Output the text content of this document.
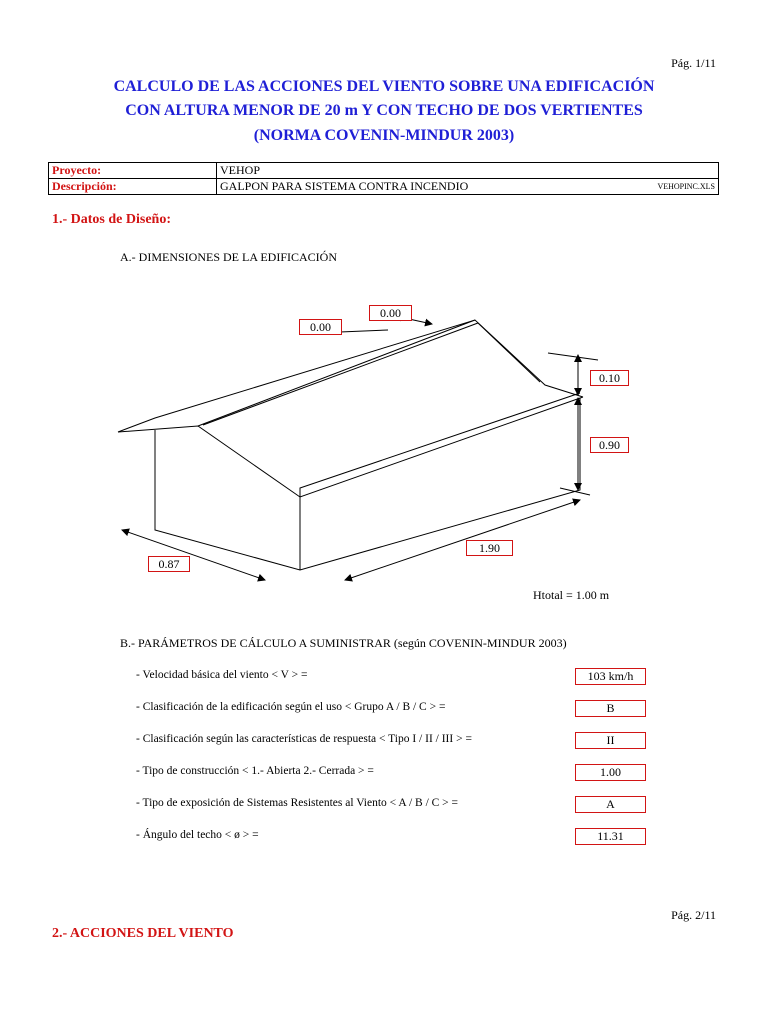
Pág. 1/11
CALCULO DE LAS ACCIONES DEL VIENTO SOBRE UNA EDIFICACIÓN
CON ALTURA MENOR DE 20 m Y CON TECHO DE DOS VERTIENTES
(NORMA COVENIN-MINDUR 2003)
Proyecto:	VEHOP
Descripción:	GALPON PARA SISTEMA CONTRA INCENDIO	VEHOPINC.XLS
1.- Datos de Diseño:
A.- DIMENSIONES DE LA EDIFICACIÓN
0.00
0.00
0.10
0.90
0.87
1.90
Htotal = 1.00 m
B.- PARÁMETROS DE CÁLCULO A SUMINISTRAR (según COVENIN-MINDUR 2003)
- Velocidad básica del viento < V > =	103 km/h
- Clasificación de la edificación según el uso < Grupo A / B / C > =	B
- Clasificación según las características de respuesta < Tipo I / II / III > =	II
- Tipo de construcción < 1.- Abierta 2.- Cerrada > =	1.00
- Tipo de exposición de Sistemas Resistentes al Viento < A / B / C > =	A
- Ángulo del techo < ø > =	11.31
Pág. 2/11
2.- ACCIONES DEL VIENTO
